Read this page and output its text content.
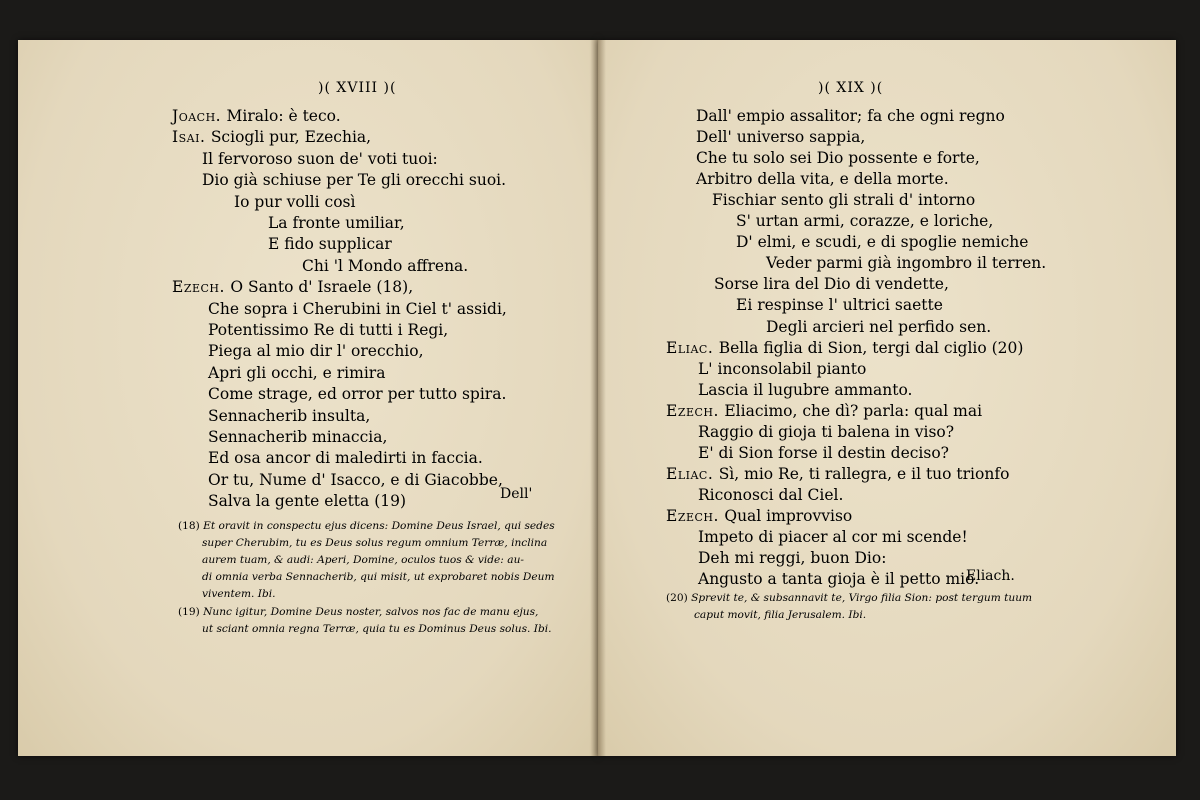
)( XVIII )(	)( XIX )(
Joach. Miralo: è teco.
Isai. Sciogli pur, Ezechia,
Il fervoroso suon de' voti tuoi:
Dio già schiuse per Te gli orecchi suoi.
Io pur volli così
La fronte umiliar,
E fido supplicar
Chi 'l Mondo affrena.
Ezech. O Santo d' Israele (18),
Che sopra i Cherubini in Ciel t' assidi,
Potentissimo Re di tutti i Regi,
Piega al mio dir l' orecchio,
Apri gli occhi, e rimira
Come strage, ed orror per tutto spira.
Sennacherib insulta,
Sennacherib minaccia,
Ed osa ancor di maledirti in faccia.
Or tu, Nume d' Isacco, e di Giacobbe,
Salva la gente eletta (19)	Dell'
(18) Et oravit in conspectu ejus dicens: Domine Deus Israel, qui sedes
super Cherubim, tu es Deus solus regum omnium Terræ, inclina
aurem tuam, & audi: Aperi, Domine, oculos tuos & vide: au-
di omnia verba Sennacherib, qui misit, ut exprobaret nobis Deum
viventem. Ibi.
(19) Nunc igitur, Domine Deus noster, salvos nos fac de manu ejus,
ut sciant omnia regna Terræ, quia tu es Dominus Deus solus. Ibi.
Dall' empio assalitor; fa che ogni regno
Dell' universo sappia,
Che tu solo sei Dio possente e forte,
Arbitro della vita, e della morte.
Fischiar sento gli strali d' intorno
S' urtan armi, corazze, e loriche,
D' elmi, e scudi, e di spoglie nemiche
Veder parmi già ingombro il terren.
Sorse lira del Dio di vendette,
Ei respinse l' ultrici saette
Degli arcieri nel perfido sen.
Eliac. Bella figlia di Sion, tergi dal ciglio (20)
L' inconsolabil pianto
Lascia il lugubre ammanto.
Ezech. Eliacimo, che dì? parla: qual mai
Raggio di gioja ti balena in viso?
E' di Sion forse il destin deciso?
Eliac. Sì, mio Re, ti rallegra, e il tuo trionfo
Riconosci dal Ciel.
Ezech. Qual improvviso
Impeto di piacer al cor mi scende!
Deh mi reggi, buon Dio:
Angusto a tanta gioja è il petto mio.
Eliach.
(20) Sprevit te, & subsannavit te, Virgo filia Sion: post tergum tuum
caput movit, filia Jerusalem. Ibi.
